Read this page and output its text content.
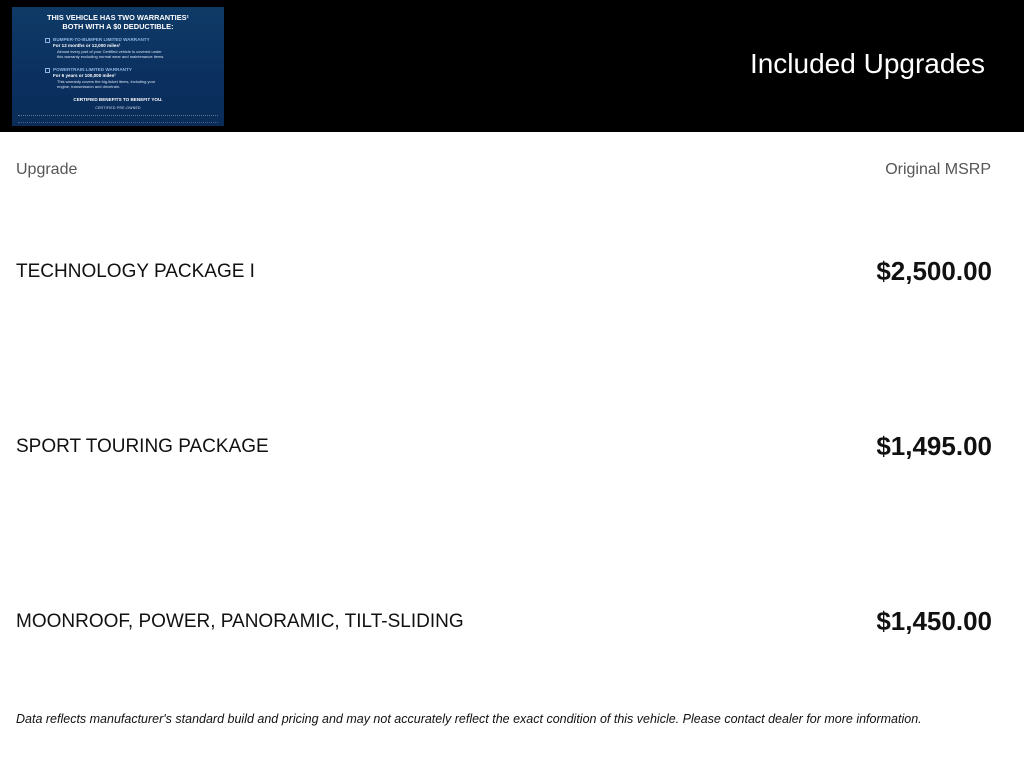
THIS VEHICLE HAS TWO WARRANTIES¹
BOTH WITH A $0 DEDUCTIBLE:
BUMPER-TO-BUMPER LIMITED WARRANTY
For 12 months or 12,000 miles¹
Almost every part of your Certified vehicle is covered under
this warranty excluding normal wear and maintenance items.
POWERTRAIN LIMITED WARRANTY
For 6 years or 100,000 miles¹
This warranty covers the big-ticket items, including your
engine, transmission and drivetrain.
CERTIFIED BENEFITS TO BENEFIT YOU.
CERTIFIED PRE-OWNED
Included Upgrades
Upgrade	Original MSRP
TECHNOLOGY PACKAGE I	$2,500.00
SPORT TOURING PACKAGE	$1,495.00
MOONROOF, POWER, PANORAMIC, TILT-SLIDING	$1,450.00
Data reflects manufacturer's standard build and pricing and may not accurately reflect the exact condition of this vehicle. Please contact dealer for more information.
